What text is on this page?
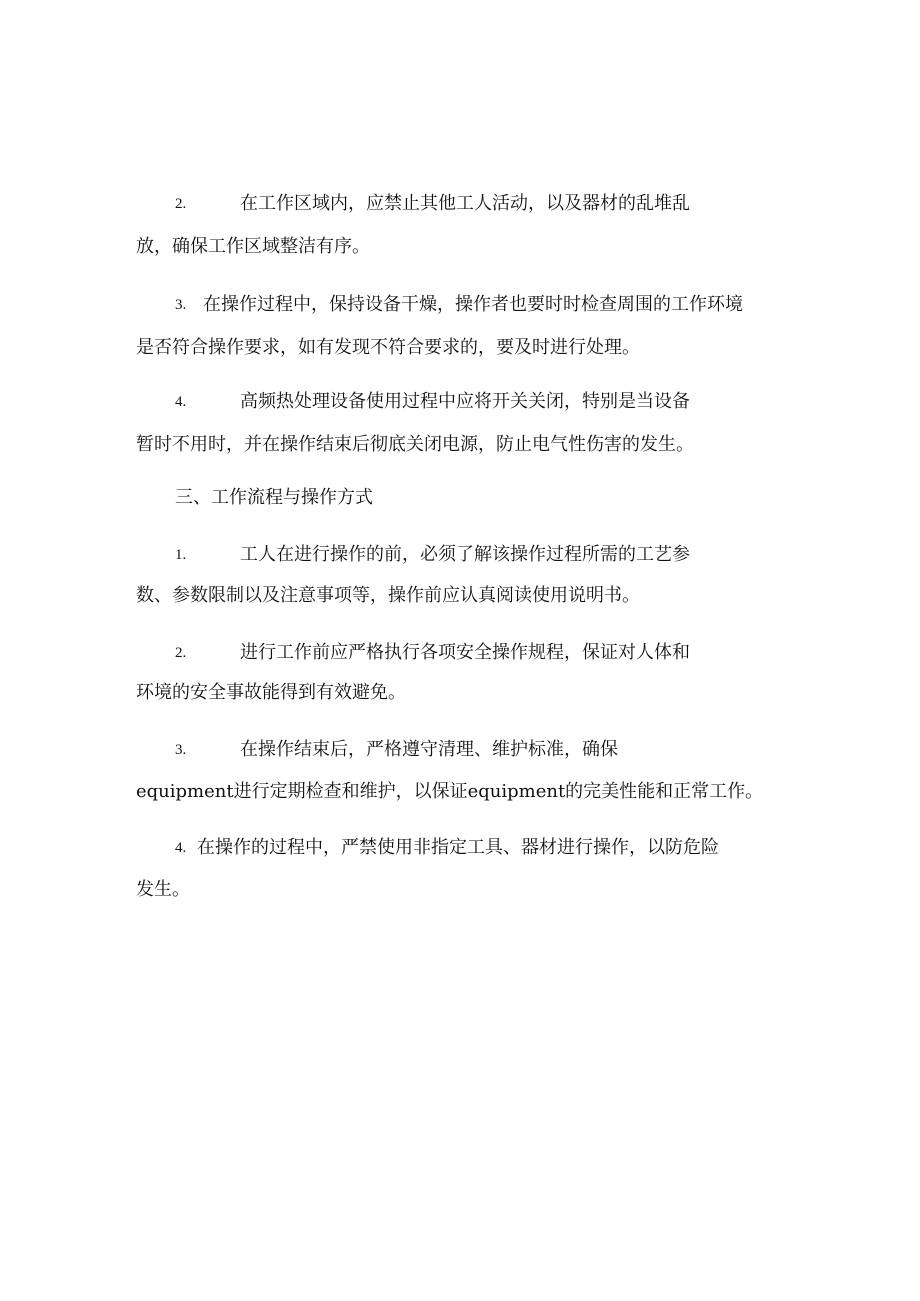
2.	在工作区域内，应禁止其他工人活动，以及器材的乱堆乱
放，确保工作区域整洁有序。
3. 在操作过程中，保持设备干燥，操作者也要时时检查周围的工作环境
是否符合操作要求，如有发现不符合要求的，要及时进行处理。
4.	高频热处理设备使用过程中应将开关关闭，特别是当设备
暂时不用时，并在操作结束后彻底关闭电源，防止电气性伤害的发生。
三、工作流程与操作方式
1.	工人在进行操作的前，必须了解该操作过程所需的工艺参
数、参数限制以及注意事项等，操作前应认真阅读使用说明书。
2.	进行工作前应严格执行各项安全操作规程，保证对人体和
环境的安全事故能得到有效避免。
3.	在操作结束后，严格遵守清理、维护标准，确保
equipment进行定期检查和维护，以保证equipment的完美性能和正常工作。
4. 在操作的过程中，严禁使用非指定工具、器材进行操作，以防危险
发生。
